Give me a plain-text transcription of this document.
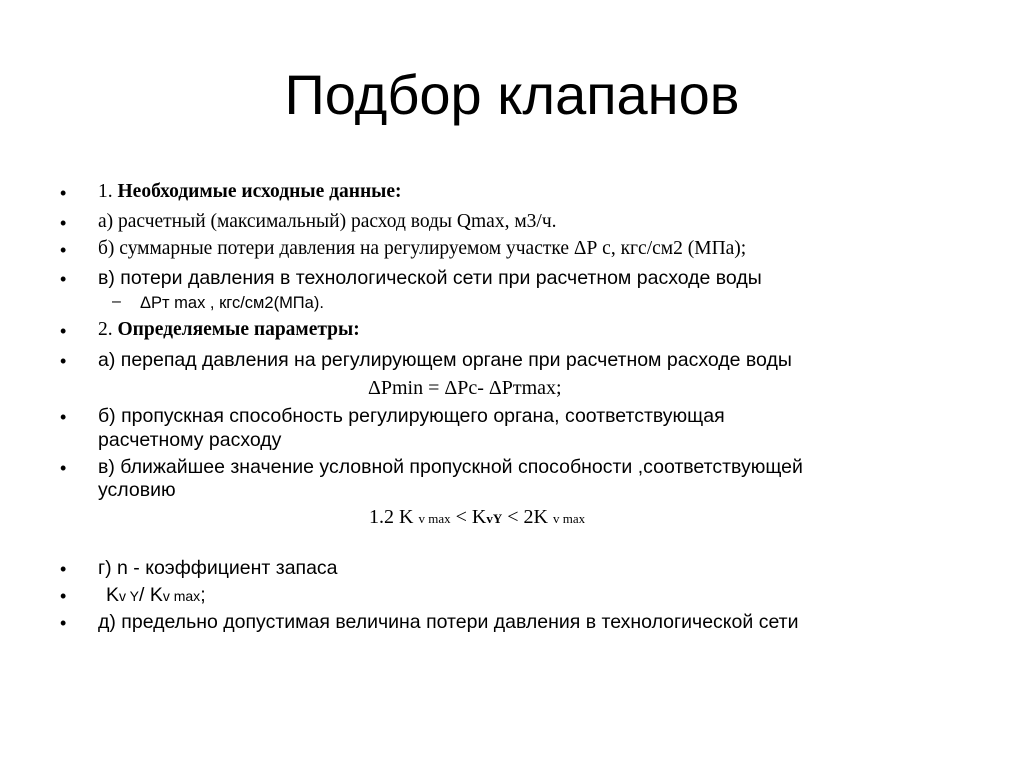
Подбор клапанов
• 1. Необходимые исходные данные:
• а) расчетный (максимальный) расход воды Qmax, м3/ч.
• б) суммарные потери давления на регулируемом участке ΔР с, кгс/см2 (МПа);
• в) потери давления в технологической сети при расчетном расходе воды
– ΔРт max , кгс/см2(МПа).
• 2. Определяемые параметры:
• а) перепад давления на регулирующем органе при расчетном расходе воды
ΔPmin = ΔPc- ΔPтmax;
• б) пропускная способность регулирующего органа, соответствующая
расчетному расходу
• в) ближайшее значение условной пропускной способности ,соответствующей
условию
1.2 K v max < KvY < 2K v max
• г) n - коэффициент запаса
• Kv Y/ Kv max;
• д) предельно допустимая величина потери давления в технологической сети
